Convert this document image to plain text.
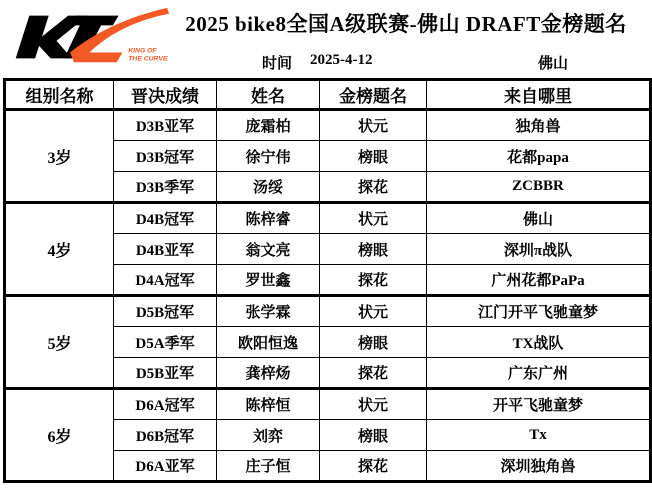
KING OF
THE CURVE
2025 bike8全国A级联赛-佛山 DRAFT金榜题名
时间 2025-4-12	佛山
组别名称	晋决成绩	姓名	金榜题名	来自哪里
3岁	D3B亚军	庞霜柏	状元	独角兽
	D3B冠军	徐宁伟	榜眼	花都papa
	D3B季军	汤绥	探花	ZCBBR
4岁	D4B冠军	陈梓睿	状元	佛山
	D4B亚军	翁文亮	榜眼	深圳π战队
	D4A冠军	罗世鑫	探花	广州花都PaPa
5岁	D5B冠军	张学霖	状元	江门开平飞驰童梦
	D5A季军	欧阳恒逸	榜眼	TX战队
	D5B亚军	龚梓炀	探花	广东广州
6岁	D6A冠军	陈梓恒	状元	开平飞驰童梦
	D6B冠军	刘弈	榜眼	Tx
	D6A亚军	庄子恒	探花	深圳独角兽
